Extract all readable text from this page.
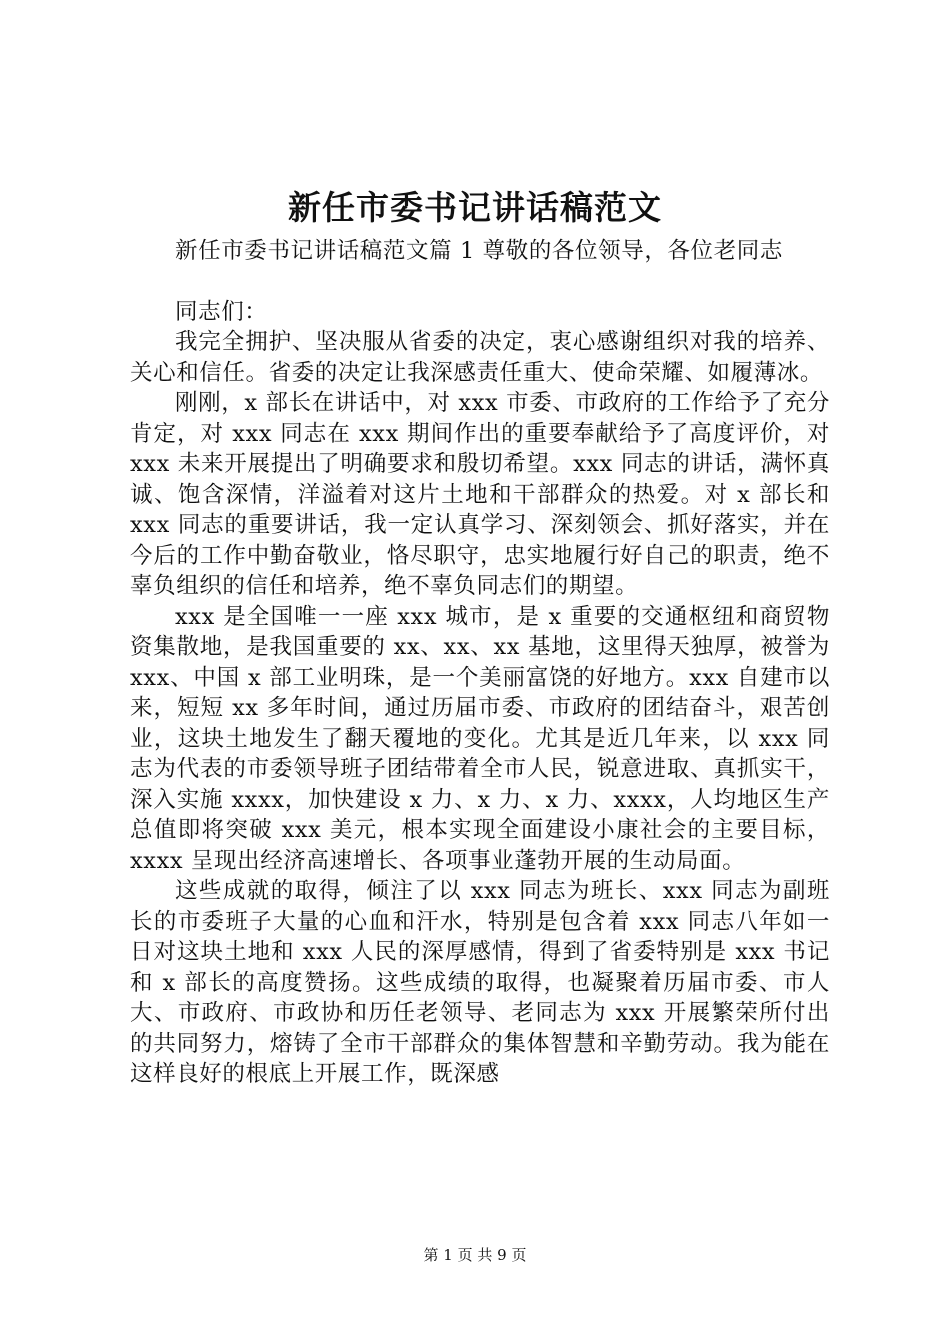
新任市委书记讲话稿范文

新任市委书记讲话稿范文篇 1 尊敬的各位领导，各位老同志

同志们：

我完全拥护、坚决服从省委的决定，衷心感谢组织对我的培养、关心和信任。省委的决定让我深感责任重大、使命荣耀、如履薄冰。

刚刚，x 部长在讲话中，对 xxx 市委、市政府的工作给予了充分肯定，对 xxx 同志在 xxx 期间作出的重要奉献给予了高度评价，对 xxx 未来开展提出了明确要求和殷切希望。xxx 同志的讲话，满怀真诚、饱含深情，洋溢着对这片土地和干部群众的热爱。对 x 部长和 xxx 同志的重要讲话，我一定认真学习、深刻领会、抓好落实，并在今后的工作中勤奋敬业，恪尽职守，忠实地履行好自己的职责，绝不辜负组织的信任和培养，绝不辜负同志们的期望。

xxx 是全国唯一一座 xxx 城市，是 x 重要的交通枢纽和商贸物资集散地，是我国重要的 xx、xx、xx 基地，这里得天独厚，被誉为 xxx、中国 x 部工业明珠，是一个美丽富饶的好地方。xxx 自建市以来，短短 xx 多年时间，通过历届市委、市政府的团结奋斗，艰苦创业，这块土地发生了翻天覆地的变化。尤其是近几年来，以 xxx 同志为代表的市委领导班子团结带着全市人民，锐意进取、真抓实干，深入实施 xxxx，加快建设 x 力、x 力、x 力、xxxx，人均地区生产总值即将突破 xxx 美元，根本实现全面建设小康社会的主要目标，xxxx 呈现出经济高速增长、各项事业蓬勃开展的生动局面。

这些成就的取得，倾注了以 xxx 同志为班长、xxx 同志为副班长的市委班子大量的心血和汗水，特别是包含着 xxx 同志八年如一日对这块土地和 xxx 人民的深厚感情，得到了省委特别是 xxx 书记和 x 部长的高度赞扬。这些成绩的取得，也凝聚着历届市委、市人大、市政府、市政协和历任老领导、老同志为 xxx 开展繁荣所付出的共同努力，熔铸了全市干部群众的集体智慧和辛勤劳动。我为能在这样良好的根底上开展工作，既深感

第 1 页 共 9 页
